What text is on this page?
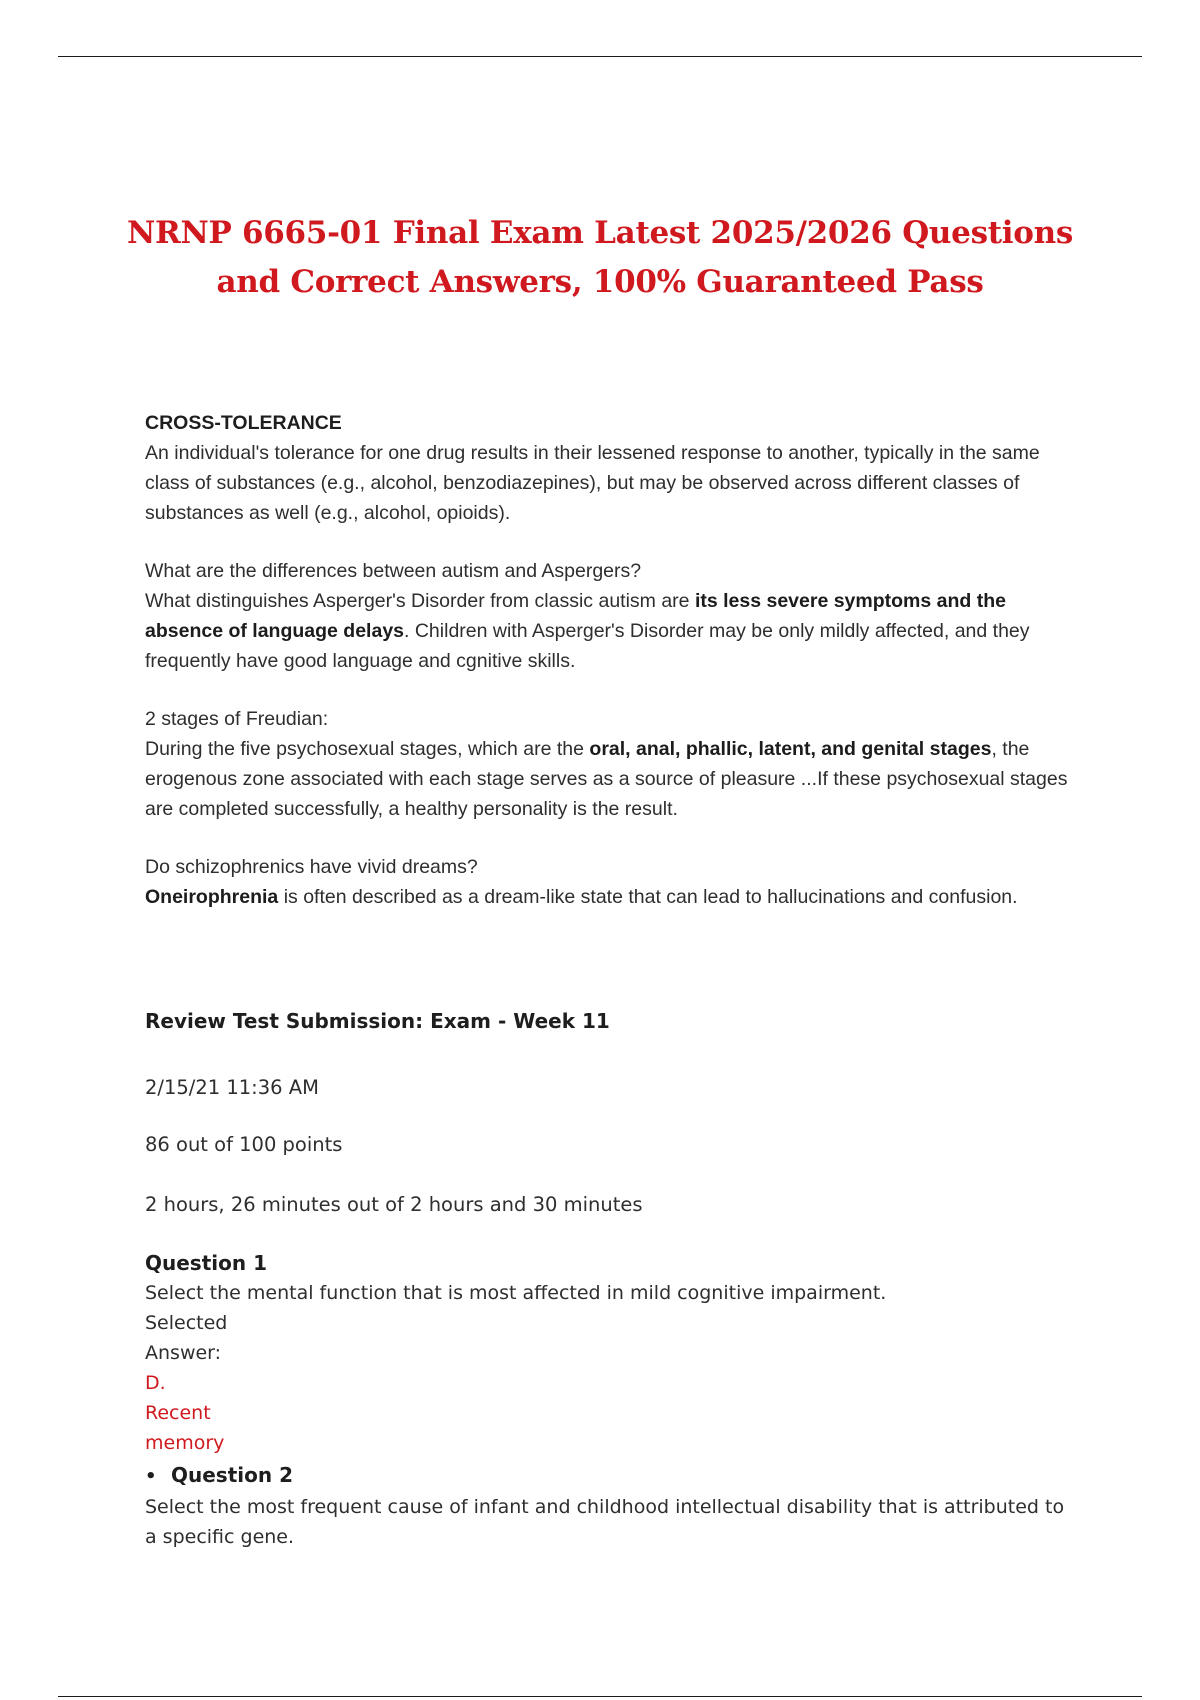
NRNP 6665-01 Final Exam Latest 2025/2026 Questions
and Correct Answers, 100% Guaranteed Pass

CROSS-TOLERANCE

An individual's tolerance for one drug results in their lessened response to another, typically in the same class of substances (e.g., alcohol, benzodiazepines), but may be observed across different classes of substances as well (e.g., alcohol, opioids).

What are the differences between autism and Aspergers?

What distinguishes Asperger's Disorder from classic autism are its less severe symptoms and the absence of language delays. Children with Asperger's Disorder may be only mildly affected, and they frequently have good language and cgnitive skills.

2 stages of Freudian:

During the five psychosexual stages, which are the oral, anal, phallic, latent, and genital stages, the erogenous zone associated with each stage serves as a source of pleasure ...If these psychosexual stages are completed successfully, a healthy personality is the result.

Do schizophrenics have vivid dreams?

Oneirophrenia is often described as a dream-like state that can lead to hallucinations and confusion.

Review Test Submission: Exam - Week 11
2/15/21 11:36 AM
86 out of 100 points
2 hours, 26 minutes out of 2 hours and 30 minutes
Question 1
Select the mental function that is most affected in mild cognitive impairment.
Selected
Answer:
D.
Recent
memory
• Question 2
Select the most frequent cause of infant and childhood intellectual disability that is attributed to a specific gene.
